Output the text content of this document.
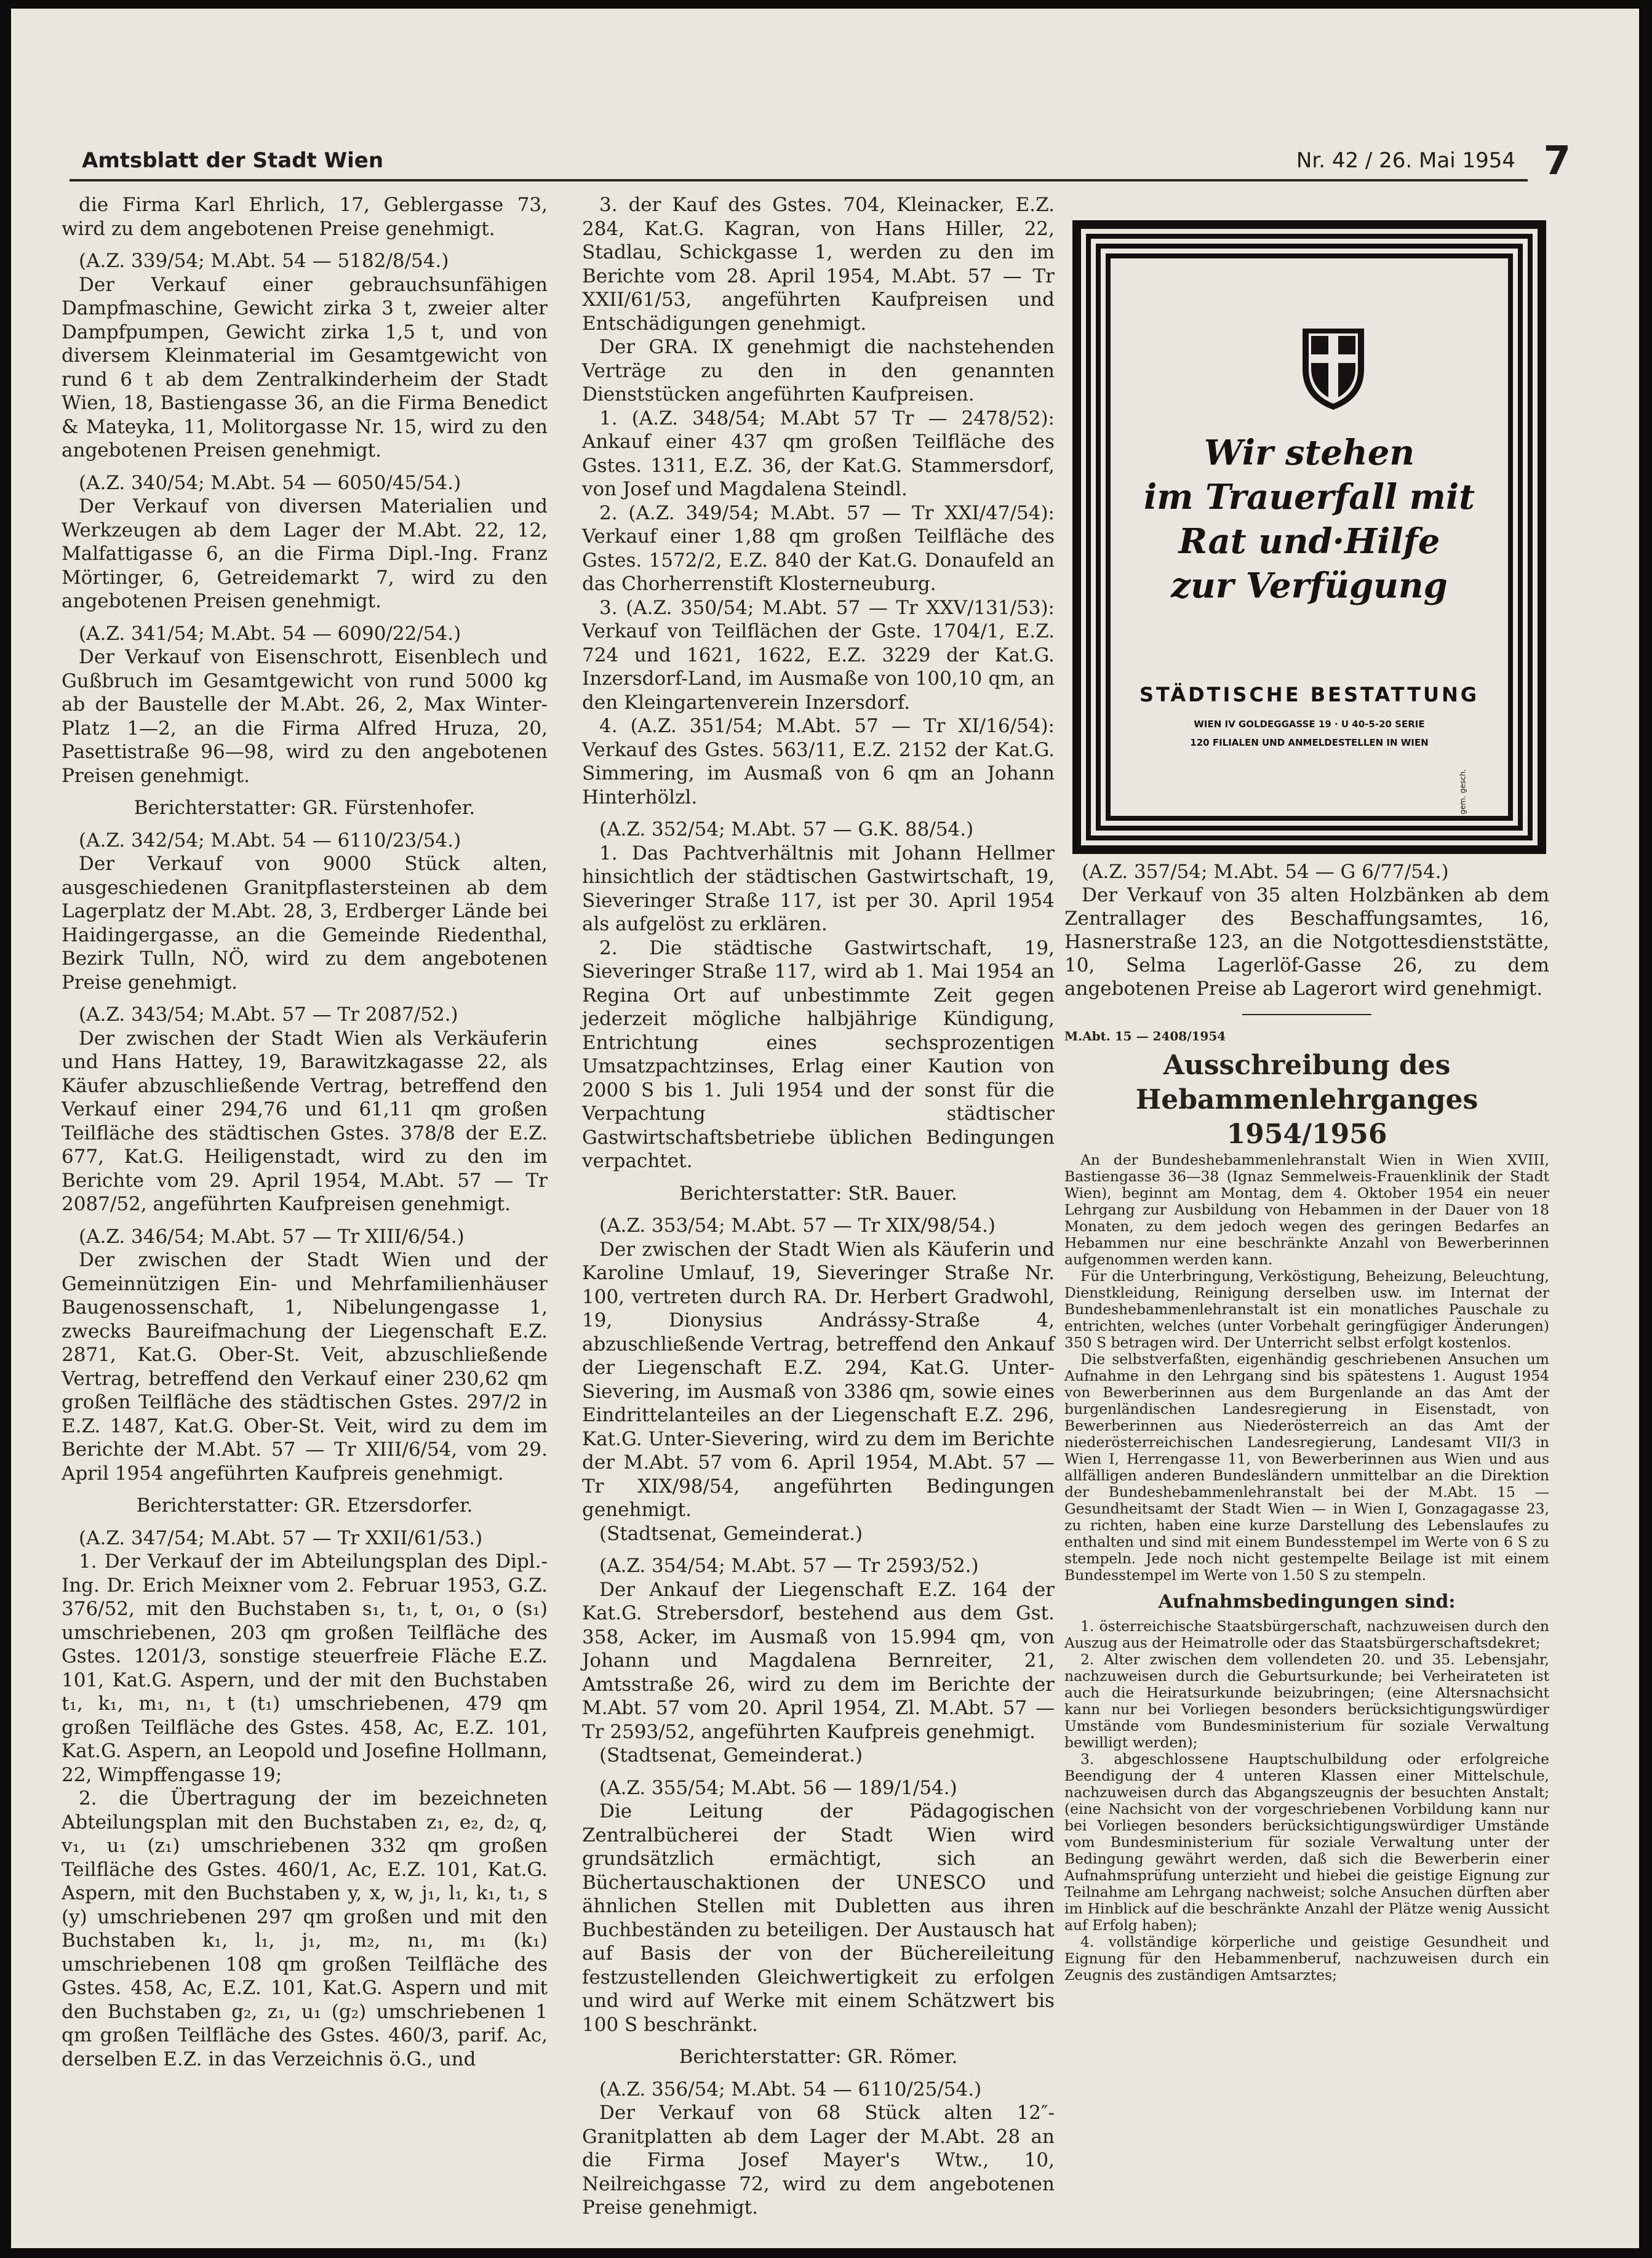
Amtsblatt der Stadt Wien	Nr. 42 / 26. Mai 1954 7

die Firma Karl Ehrlich, 17, Geblergasse 73, wird zu dem angebotenen Preise genehmigt.

(A.Z. 339/54; M.Abt. 54 — 5182/8/54.)

Der Verkauf einer gebrauchsunfähigen Dampfmaschine, Gewicht zirka 3 t, zweier alter Dampfpumpen, Gewicht zirka 1,5 t, und von diversem Kleinmaterial im Gesamtgewicht von rund 6 t ab dem Zentralkinderheim der Stadt Wien, 18, Bastiengasse 36, an die Firma Benedict & Mateyka, 11, Molitorgasse Nr. 15, wird zu den angebotenen Preisen genehmigt.

(A.Z. 340/54; M.Abt. 54 — 6050/45/54.)

Der Verkauf von diversen Materialien und Werkzeugen ab dem Lager der M.Abt. 22, 12, Malfattigasse 6, an die Firma Dipl.-Ing. Franz Mörtinger, 6, Getreidemarkt 7, wird zu den angebotenen Preisen genehmigt.

(A.Z. 341/54; M.Abt. 54 — 6090/22/54.)

Der Verkauf von Eisenschrott, Eisenblech und Gußbruch im Gesamtgewicht von rund 5000 kg ab der Baustelle der M.Abt. 26, 2, Max Winter-Platz 1—2, an die Firma Alfred Hruza, 20, Pasettistraße 96—98, wird zu den angebotenen Preisen genehmigt.

Berichterstatter: GR. Fürstenhofer.

(A.Z. 342/54; M.Abt. 54 — 6110/23/54.)

Der Verkauf von 9000 Stück alten, ausgeschiedenen Granitpflastersteinen ab dem Lagerplatz der M.Abt. 28, 3, Erdberger Lände bei Haidingergasse, an die Gemeinde Riedenthal, Bezirk Tulln, NÖ, wird zu dem angebotenen Preise genehmigt.

(A.Z. 343/54; M.Abt. 57 — Tr 2087/52.)

Der zwischen der Stadt Wien als Verkäuferin und Hans Hattey, 19, Barawitzkagasse 22, als Käufer abzuschließende Vertrag, betreffend den Verkauf einer 294,76 und 61,11 qm großen Teilfläche des städtischen Gstes. 378/8 der E.Z. 677, Kat.G. Heiligenstadt, wird zu den im Berichte vom 29. April 1954, M.Abt. 57 — Tr 2087/52, angeführten Kaufpreisen genehmigt.

(A.Z. 346/54; M.Abt. 57 — Tr XIII/6/54.)

Der zwischen der Stadt Wien und der Gemeinnützigen Ein- und Mehrfamilienhäuser Baugenossenschaft, 1, Nibelungengasse 1, zwecks Baureifmachung der Liegenschaft E.Z. 2871, Kat.G. Ober-St. Veit, abzuschließende Vertrag, betreffend den Verkauf einer 230,62 qm großen Teilfläche des städtischen Gstes. 297/2 in E.Z. 1487, Kat.G. Ober-St. Veit, wird zu dem im Berichte der M.Abt. 57 — Tr XIII/6/54, vom 29. April 1954 angeführten Kaufpreis genehmigt.

Berichterstatter: GR. Etzersdorfer.

(A.Z. 347/54; M.Abt. 57 — Tr XXII/61/53.)

1. Der Verkauf der im Abteilungsplan des Dipl.-Ing. Dr. Erich Meixner vom 2. Februar 1953, G.Z. 376/52, mit den Buchstaben s₁, t₁, t, o₁, o (s₁) umschriebenen, 203 qm großen Teilfläche des Gstes. 1201/3, sonstige steuerfreie Fläche E.Z. 101, Kat.G. Aspern, und der mit den Buchstaben t₁, k₁, m₁, n₁, t (t₁) umschriebenen, 479 qm großen Teilfläche des Gstes. 458, Ac, E.Z. 101, Kat.G. Aspern, an Leopold und Josefine Hollmann, 22, Wimpffengasse 19;

2. die Übertragung der im bezeichneten Abteilungsplan mit den Buchstaben z₁, e₂, d₂, q, v₁, u₁ (z₁) umschriebenen 332 qm großen Teilfläche des Gstes. 460/1, Ac, E.Z. 101, Kat.G. Aspern, mit den Buchstaben y, x, w, j₁, l₁, k₁, t₁, s (y) umschriebenen 297 qm großen und mit den Buchstaben k₁, l₁, j₁, m₂, n₁, m₁ (k₁) umschriebenen 108 qm großen Teilfläche des Gstes. 458, Ac, E.Z. 101, Kat.G. Aspern und mit den Buchstaben g₂, z₁, u₁ (g₂) umschriebenen 1 qm großen Teilfläche des Gstes. 460/3, parif. Ac, derselben E.Z. in das Verzeichnis ö.G., und

3. der Kauf des Gstes. 704, Kleinacker, E.Z. 284, Kat.G. Kagran, von Hans Hiller, 22, Stadlau, Schickgasse 1, werden zu den im Berichte vom 28. April 1954, M.Abt. 57 — Tr XXII/61/53, angeführten Kaufpreisen und Entschädigungen genehmigt.

Der GRA. IX genehmigt die nachstehenden Verträge zu den in den genannten Dienststücken angeführten Kaufpreisen.

1. (A.Z. 348/54; M.Abt 57 Tr — 2478/52): Ankauf einer 437 qm großen Teilfläche des Gstes. 1311, E.Z. 36, der Kat.G. Stammersdorf, von Josef und Magdalena Steindl.

2. (A.Z. 349/54; M.Abt. 57 — Tr XXI/47/54): Verkauf einer 1,88 qm großen Teilfläche des Gstes. 1572/2, E.Z. 840 der Kat.G. Donaufeld an das Chorherrenstift Klosterneuburg.

3. (A.Z. 350/54; M.Abt. 57 — Tr XXV/131/53): Verkauf von Teilflächen der Gste. 1704/1, E.Z. 724 und 1621, 1622, E.Z. 3229 der Kat.G. Inzersdorf-Land, im Ausmaße von 100,10 qm, an den Kleingartenverein Inzersdorf.

4. (A.Z. 351/54; M.Abt. 57 — Tr XI/16/54): Verkauf des Gstes. 563/11, E.Z. 2152 der Kat.G. Simmering, im Ausmaß von 6 qm an Johann Hinterhölzl.

(A.Z. 352/54; M.Abt. 57 — G.K. 88/54.)

1. Das Pachtverhältnis mit Johann Hellmer hinsichtlich der städtischen Gastwirtschaft, 19, Sieveringer Straße 117, ist per 30. April 1954 als aufgelöst zu erklären.

2. Die städtische Gastwirtschaft, 19, Sieveringer Straße 117, wird ab 1. Mai 1954 an Regina Ort auf unbestimmte Zeit gegen jederzeit mögliche halbjährige Kündigung, Entrichtung eines sechsprozentigen Umsatzpachtzinses, Erlag einer Kaution von 2000 S bis 1. Juli 1954 und der sonst für die Verpachtung städtischer Gastwirtschaftsbetriebe üblichen Bedingungen verpachtet.

Berichterstatter: StR. Bauer.

(A.Z. 353/54; M.Abt. 57 — Tr XIX/98/54.)

Der zwischen der Stadt Wien als Käuferin und Karoline Umlauf, 19, Sieveringer Straße Nr. 100, vertreten durch RA. Dr. Herbert Gradwohl, 19, Dionysius Andrássy-Straße 4, abzuschließende Vertrag, betreffend den Ankauf der Liegenschaft E.Z. 294, Kat.G. Unter-Sievering, im Ausmaß von 3386 qm, sowie eines Eindrittelanteiles an der Liegenschaft E.Z. 296, Kat.G. Unter-Sievering, wird zu dem im Berichte der M.Abt. 57 vom 6. April 1954, M.Abt. 57 — Tr XIX/98/54, angeführten Bedingungen genehmigt.

(Stadtsenat, Gemeinderat.)

(A.Z. 354/54; M.Abt. 57 — Tr 2593/52.)

Der Ankauf der Liegenschaft E.Z. 164 der Kat.G. Strebersdorf, bestehend aus dem Gst. 358, Acker, im Ausmaß von 15.994 qm, von Johann und Magdalena Bernreiter, 21, Amtsstraße 26, wird zu dem im Berichte der M.Abt. 57 vom 20. April 1954, Zl. M.Abt. 57 — Tr 2593/52, angeführten Kaufpreis genehmigt.

(Stadtsenat, Gemeinderat.)

(A.Z. 355/54; M.Abt. 56 — 189/1/54.)

Die Leitung der Pädagogischen Zentralbücherei der Stadt Wien wird grundsätzlich ermächtigt, sich an Büchertauschaktionen der UNESCO und ähnlichen Stellen mit Dubletten aus ihren Buchbeständen zu beteiligen. Der Austausch hat auf Basis der von der Büchereileitung festzustellenden Gleichwertigkeit zu erfolgen und wird auf Werke mit einem Schätzwert bis 100 S beschränkt.

Berichterstatter: GR. Römer.

(A.Z. 356/54; M.Abt. 54 — 6110/25/54.)

Der Verkauf von 68 Stück alten 12″-Granitplatten ab dem Lager der M.Abt. 28 an die Firma Josef Mayer's Wtw., 10, Neilreichgasse 72, wird zu dem angebotenen Preise genehmigt.

Wir stehen
im Trauerfall mit
Rat und·Hilfe
zur Verfügung
STÄDTISCHE BESTATTUNG
WIEN IV GOLDEGGASSE 19 · U 40-5-20 SERIE
120 FILIALEN UND ANMELDESTELLEN IN WIEN
gem. gesch.

(A.Z. 357/54; M.Abt. 54 — G 6/77/54.)

Der Verkauf von 35 alten Holzbänken ab dem Zentrallager des Beschaffungsamtes, 16, Hasnerstraße 123, an die Notgottesdienststätte, 10, Selma Lagerlöf-Gasse 26, zu dem angebotenen Preise ab Lagerort wird genehmigt.

M.Abt. 15 — 2408/1954

Ausschreibung des Hebammenlehrganges 1954/1956

An der Bundeshebammenlehranstalt Wien in Wien XVIII, Bastiengasse 36—38 (Ignaz Semmelweis-Frauenklinik der Stadt Wien), beginnt am Montag, dem 4. Oktober 1954 ein neuer Lehrgang zur Ausbildung von Hebammen in der Dauer von 18 Monaten, zu dem jedoch wegen des geringen Bedarfes an Hebammen nur eine beschränkte Anzahl von Bewerberinnen aufgenommen werden kann.

Für die Unterbringung, Verköstigung, Beheizung, Beleuchtung, Dienstkleidung, Reinigung derselben usw. im Internat der Bundeshebammenlehranstalt ist ein monatliches Pauschale zu entrichten, welches (unter Vorbehalt geringfügiger Änderungen) 350 S betragen wird. Der Unterricht selbst erfolgt kostenlos.

Die selbstverfaßten, eigenhändig geschriebenen Ansuchen um Aufnahme in den Lehrgang sind bis spätestens 1. August 1954 von Bewerberinnen aus dem Burgenlande an das Amt der burgenländischen Landesregierung in Eisenstadt, von Bewerberinnen aus Niederösterreich an das Amt der niederösterreichischen Landesregierung, Landesamt VII/3 in Wien I, Herrengasse 11, von Bewerberinnen aus Wien und aus allfälligen anderen Bundesländern unmittelbar an die Direktion der Bundeshebammenlehranstalt bei der M.Abt. 15 — Gesundheitsamt der Stadt Wien — in Wien I, Gonzagagasse 23, zu richten, haben eine kurze Darstellung des Lebenslaufes zu enthalten und sind mit einem Bundesstempel im Werte von 6 S zu stempeln. Jede noch nicht gestempelte Beilage ist mit einem Bundesstempel im Werte von 1.50 S zu stempeln.

Aufnahmsbedingungen sind:

1. österreichische Staatsbürgerschaft, nachzuweisen durch den Auszug aus der Heimatrolle oder das Staatsbürgerschaftsdekret;

2. Alter zwischen dem vollendeten 20. und 35. Lebensjahr, nachzuweisen durch die Geburtsurkunde; bei Verheirateten ist auch die Heiratsurkunde beizubringen; (eine Altersnachsicht kann nur bei Vorliegen besonders berücksichtigungswürdiger Umstände vom Bundesministerium für soziale Verwaltung bewilligt werden);

3. abgeschlossene Hauptschulbildung oder erfolgreiche Beendigung der 4 unteren Klassen einer Mittelschule, nachzuweisen durch das Abgangszeugnis der besuchten Anstalt; (eine Nachsicht von der vorgeschriebenen Vorbildung kann nur bei Vorliegen besonders berücksichtigungswürdiger Umstände vom Bundesministerium für soziale Verwaltung unter der Bedingung gewährt werden, daß sich die Bewerberin einer Aufnahmsprüfung unterzieht und hiebei die geistige Eignung zur Teilnahme am Lehrgang nachweist; solche Ansuchen dürften aber im Hinblick auf die beschränkte Anzahl der Plätze wenig Aussicht auf Erfolg haben);

4. vollständige körperliche und geistige Gesundheit und Eignung für den Hebammenberuf, nachzuweisen durch ein Zeugnis des zuständigen Amtsarztes;
